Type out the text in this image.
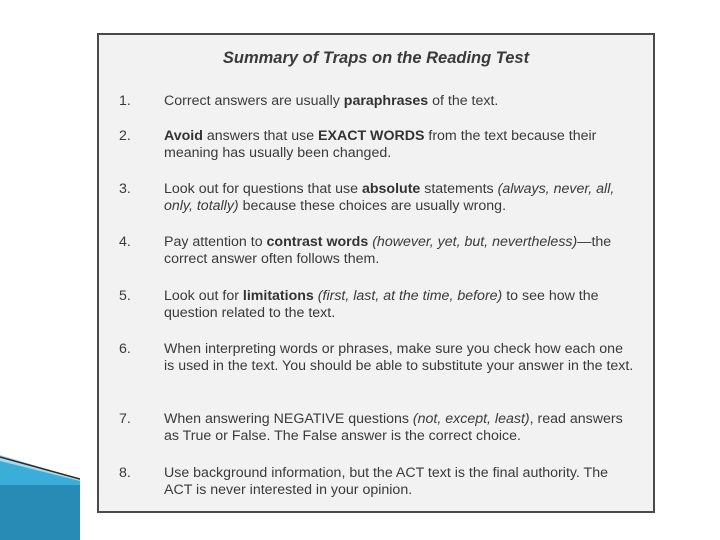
Summary of Traps on the Reading Test
1. Correct answers are usually paraphrases of the text.
2. Avoid answers that use EXACT WORDS from the text because their meaning has usually been changed.
3. Look out for questions that use absolute statements (always, never, all, only, totally) because these choices are usually wrong.
4. Pay attention to contrast words (however, yet, but, nevertheless)—the correct answer often follows them.
5. Look out for limitations (first, last, at the time, before) to see how the question related to the text.
6. When interpreting words or phrases, make sure you check how each one is used in the text. You should be able to substitute your answer in the text.
7. When answering NEGATIVE questions (not, except, least), read answers as True or False. The False answer is the correct choice.
8. Use background information, but the ACT text is the final authority. The ACT is never interested in your opinion.
